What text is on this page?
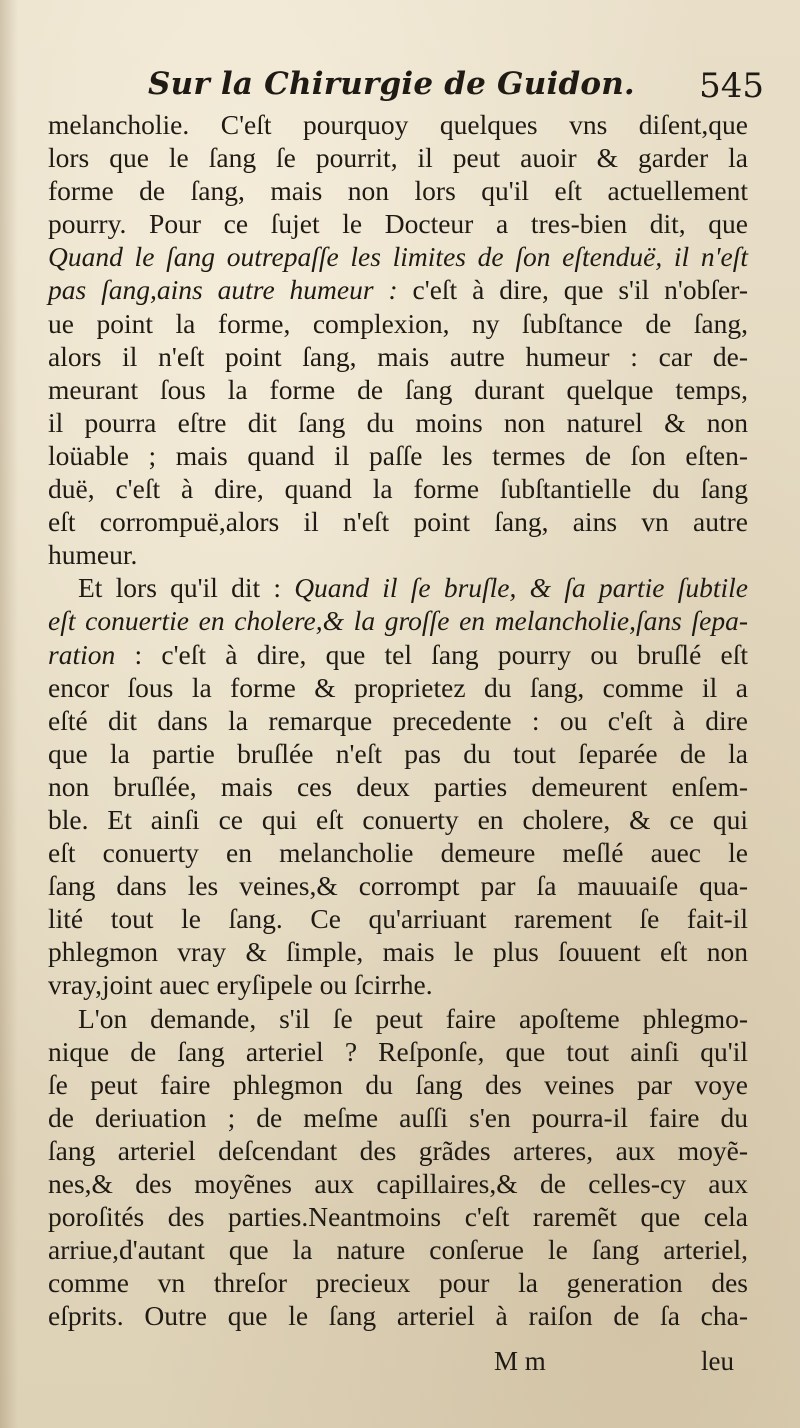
Sur la Chirurgie de Guidon. 545
melancholie. C'eſt pourquoy quelques vns diſent,que
lors que le ſang ſe pourrit, il peut auoir & garder la
forme de ſang, mais non lors qu'il eſt actuellement
pourry. Pour ce ſujet le Docteur a tres-bien dit, que
Quand le ſang outrepaſſe les limites de ſon eſtenduë, il n'eſt
pas ſang,ains autre humeur : c'eſt à dire, que s'il n'obſer-
ue point la forme, complexion, ny ſubſtance de ſang,
alors il n'eſt point ſang, mais autre humeur : car de-
meurant ſous la forme de ſang durant quelque temps,
il pourra eſtre dit ſang du moins non naturel & non
loüable ; mais quand il paſſe les termes de ſon eſten-
duë, c'eſt à dire, quand la forme ſubſtantielle du ſang
eſt corrompuë,alors il n'eſt point ſang, ains vn autre
humeur.
Et lors qu'il dit : Quand il ſe bruſle, & ſa partie ſubtile
eſt conuertie en cholere,& la groſſe en melancholie,ſans ſepa-
ration : c'eſt à dire, que tel ſang pourry ou bruſlé eſt
encor ſous la forme & proprietez du ſang, comme il a
eſté dit dans la remarque precedente : ou c'eſt à dire
que la partie bruſlée n'eſt pas du tout ſeparée de la
non bruſlée, mais ces deux parties demeurent enſem-
ble. Et ainſi ce qui eſt conuerty en cholere, & ce qui
eſt conuerty en melancholie demeure meſlé auec le
ſang dans les veines,& corrompt par ſa mauuaiſe qua-
lité tout le ſang. Ce qu'arriuant rarement ſe fait-il
phlegmon vray & ſimple, mais le plus ſouuent eſt non
vray,joint auec eryſipele ou ſcirrhe.
L'on demande, s'il ſe peut faire apoſteme phlegmo-
nique de ſang arteriel ? Reſponſe, que tout ainſi qu'il
ſe peut faire phlegmon du ſang des veines par voye
de deriuation ; de meſme auſſi s'en pourra-il faire du
ſang arteriel deſcendant des grãdes arteres, aux moyẽ-
nes,& des moyẽnes aux capillaires,& de celles-cy aux
poroſités des parties.Neantmoins c'eſt raremẽt que cela
arriue,d'autant que la nature conſerue le ſang arteriel,
comme vn threſor precieux pour la generation des
eſprits. Outre que le ſang arteriel à raiſon de ſa cha-
M m	leu
